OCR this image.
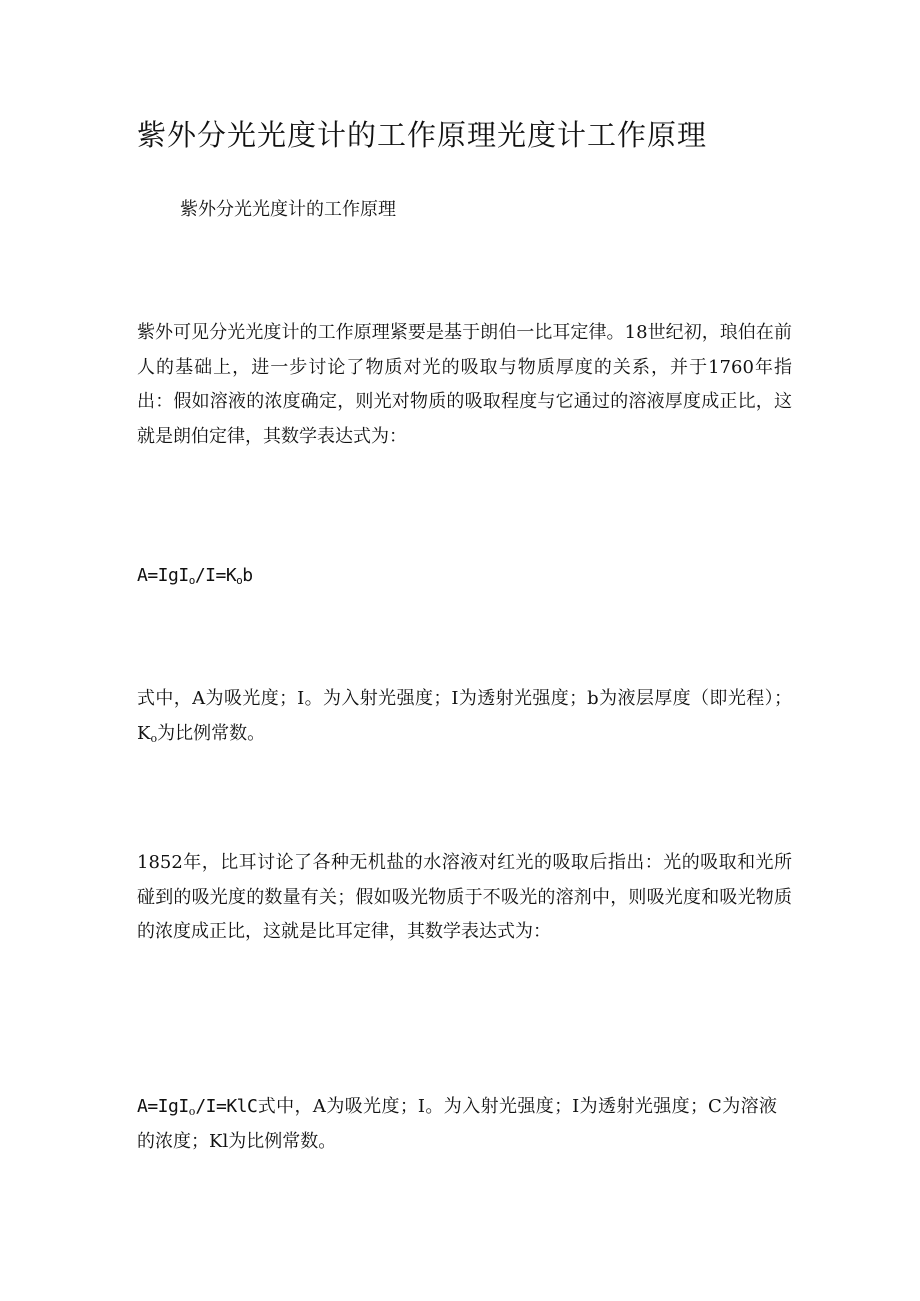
紫外分光光度计的工作原理光度计工作原理

紫外分光光度计的工作原理

紫外可见分光光度计的工作原理紧要是基于朗伯一比耳定律。18世纪初，琅伯在前人的基础上，进一步讨论了物质对光的吸取与物质厚度的关系，并于1760年指出：假如溶液的浓度确定，则光对物质的吸取程度与它通过的溶液厚度成正比，这就是朗伯定律，其数学表达式为：

$A=IgI_o/I=K_ob$

式中，A为吸光度；I。为入射光强度；I为透射光强度；b为液层厚度（即光程）；$K_o$为比例常数。

1852年，比耳讨论了各种无机盐的水溶液对红光的吸取后指出：光的吸取和光所碰到的吸光度的数量有关；假如吸光物质于不吸光的溶剂中，则吸光度和吸光物质的浓度成正比，这就是比耳定律，其数学表达式为：

A=IgI$_o$/I=KlC式中，A为吸光度；I。为入射光强度；I为透射光强度；C为溶液的浓度；Kl为比例常数。
